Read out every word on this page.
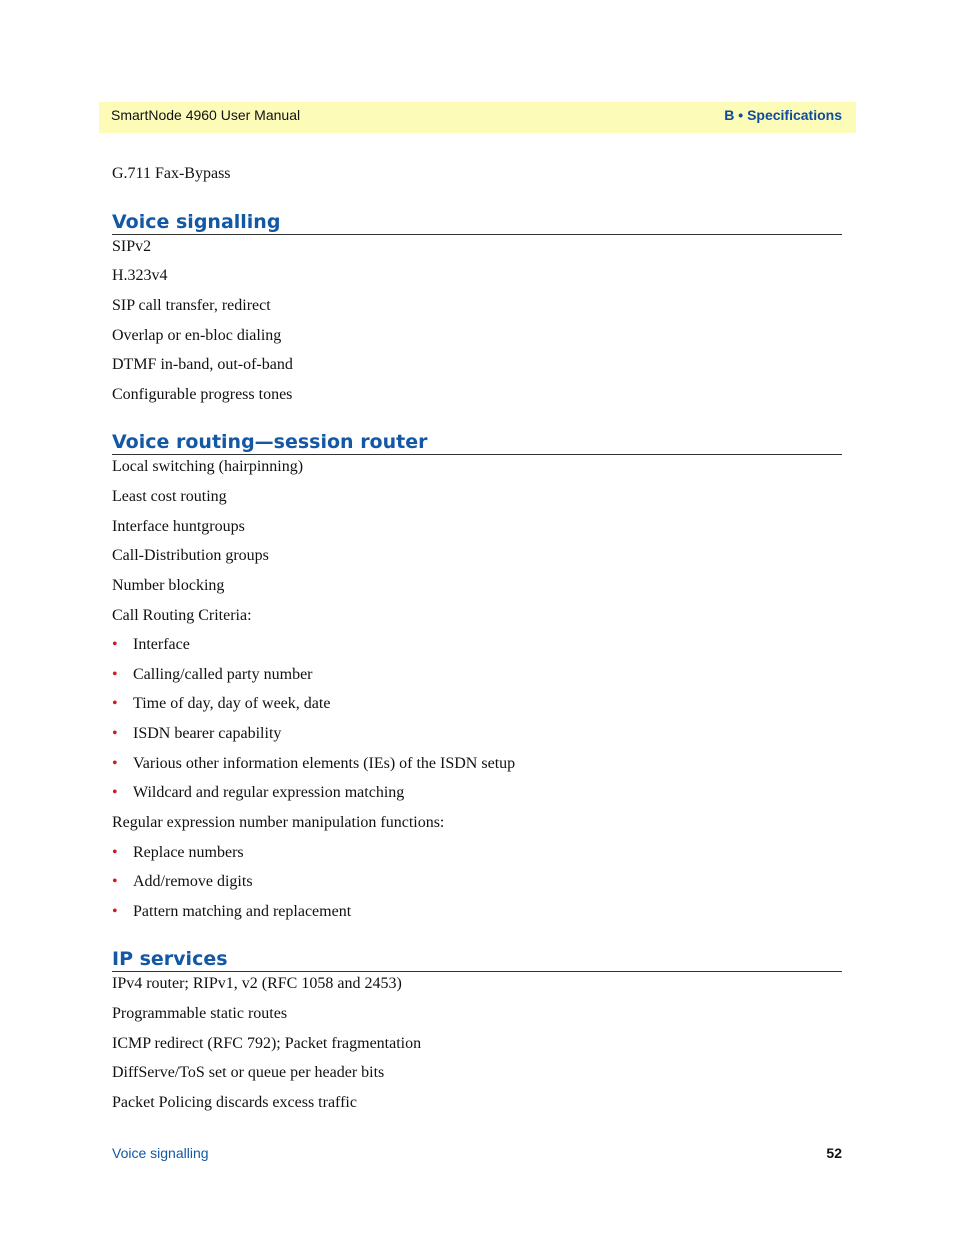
SmartNode 4960 User Manual	B • Specifications
G.711 Fax-Bypass
Voice signalling
SIPv2
H.323v4
SIP call transfer, redirect
Overlap or en-bloc dialing
DTMF in-band, out-of-band
Configurable progress tones
Voice routing—session router
Local switching (hairpinning)
Least cost routing
Interface huntgroups
Call-Distribution groups
Number blocking
Call Routing Criteria:
• Interface
• Calling/called party number
• Time of day, day of week, date
• ISDN bearer capability
• Various other information elements (IEs) of the ISDN setup
• Wildcard and regular expression matching
Regular expression number manipulation functions:
• Replace numbers
• Add/remove digits
• Pattern matching and replacement
IP services
IPv4 router; RIPv1, v2 (RFC 1058 and 2453)
Programmable static routes
ICMP redirect (RFC 792); Packet fragmentation
DiffServe/ToS set or queue per header bits
Packet Policing discards excess traffic
Voice signalling	52
